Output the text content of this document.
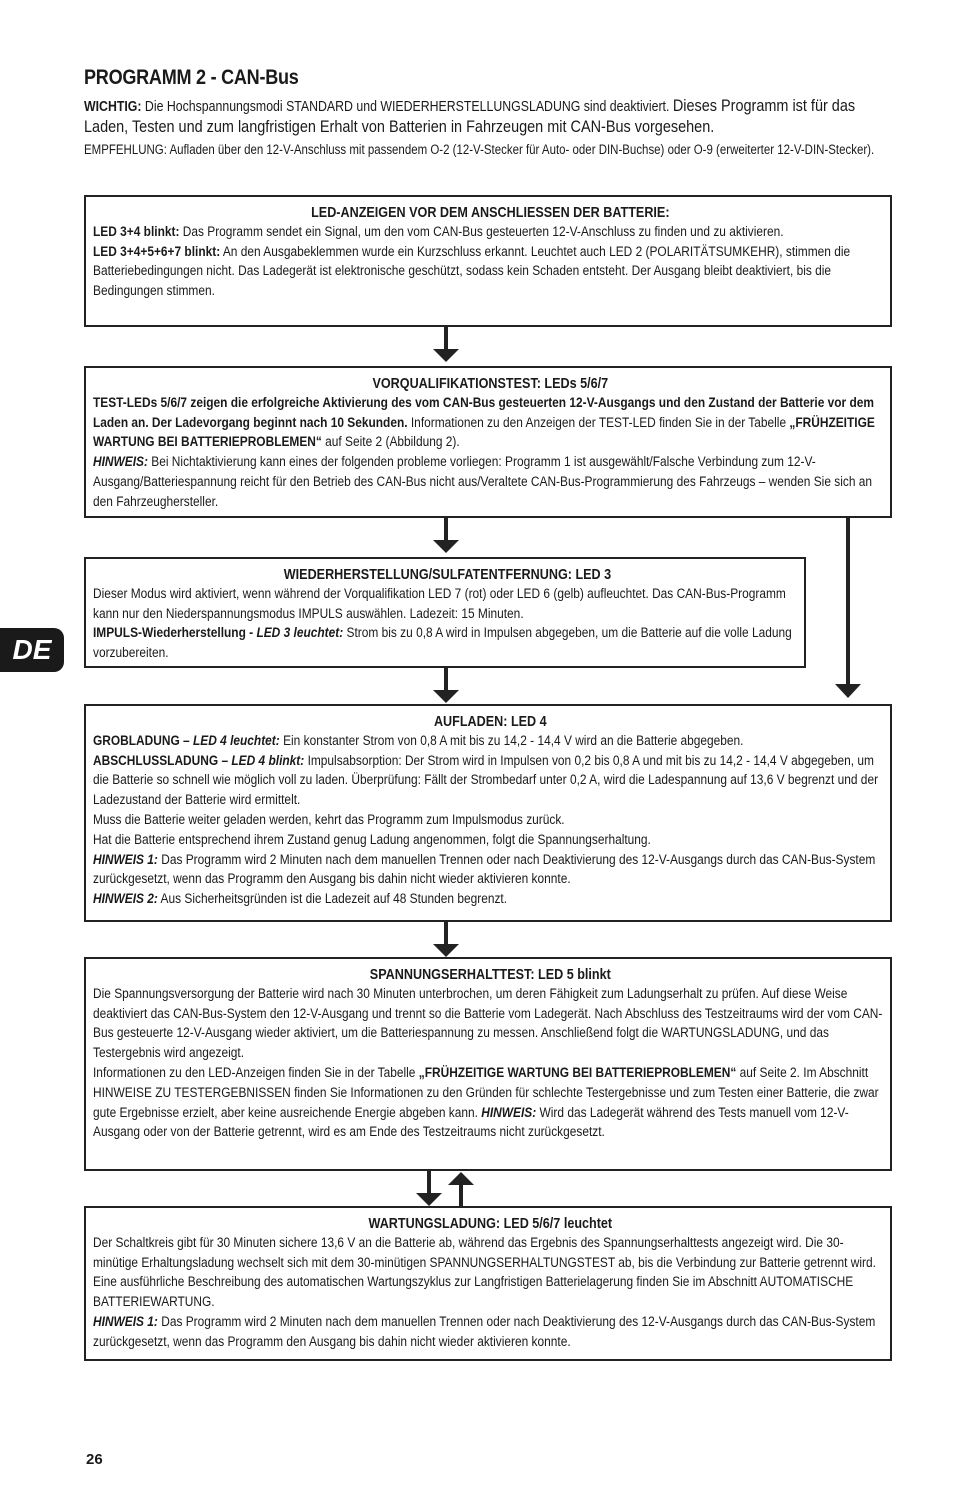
PROGRAMM 2 - CAN-Bus
WICHTIG: Die Hochspannungsmodi STANDARD und WIEDERHERSTELLUNGSLADUNG sind deaktiviert. Dieses Programm ist für das Laden, Testen und zum langfristigen Erhalt von Batterien in Fahrzeugen mit CAN-Bus vorgesehen.
EMPFEHLUNG: Aufladen über den 12-V-Anschluss mit passendem O-2 (12-V-Stecker für Auto- oder DIN-Buchse) oder O-9 (erweiterter 12-V-DIN-Stecker).
LED-ANZEIGEN VOR DEM ANSCHLIESSEN DER BATTERIE:

LED 3+4 blinkt: Das Programm sendet ein Signal, um den vom CAN-Bus gesteuerten 12-V-Anschluss zu finden und zu aktivieren.

LED 3+4+5+6+7 blinkt: An den Ausgabeklemmen wurde ein Kurzschluss erkannt. Leuchtet auch LED 2 (POLARITÄTSUMKEHR), stimmen die Batteriebedingungen nicht. Das Ladegerät ist elektronische geschützt, sodass kein Schaden entsteht. Der Ausgang bleibt deaktiviert, bis die Bedingungen stimmen.

VORQUALIFIKATIONSTEST: LEDs 5/6/7

TEST-LEDs 5/6/7 zeigen die erfolgreiche Aktivierung des vom CAN-Bus gesteuerten 12-V-Ausgangs und den Zustand der Batterie vor dem Laden an. Der Ladevorgang beginnt nach 10 Sekunden. Informationen zu den Anzeigen der TEST-LED finden Sie in der Tabelle „FRÜHZEITIGE WARTUNG BEI BATTERIEPROBLEMEN“ auf Seite 2 (Abbildung 2).

HINWEIS: Bei Nichtaktivierung kann eines der folgenden probleme vorliegen: Programm 1 ist ausgewählt/Falsche Verbindung zum 12-V-Ausgang/Batteriespannung reicht für den Betrieb des CAN-Bus nicht aus/Veraltete CAN-Bus-Programmierung des Fahrzeugs – wenden Sie sich an den Fahrzeughersteller.

WIEDERHERSTELLUNG/SULFATENTFERNUNG: LED 3

Dieser Modus wird aktiviert, wenn während der Vorqualifikation LED 7 (rot) oder LED 6 (gelb) aufleuchtet. Das CAN-Bus-Programm kann nur den Niederspannungsmodus IMPULS auswählen. Ladezeit: 15 Minuten.

IMPULS-Wiederherstellung - LED 3 leuchtet: Strom bis zu 0,8 A wird in Impulsen abgegeben, um die Batterie auf die volle Ladung vorzubereiten.

AUFLADEN: LED 4

GROBLADUNG – LED 4 leuchtet: Ein konstanter Strom von 0,8 A mit bis zu 14,2 - 14,4 V wird an die Batterie abgegeben.

ABSCHLUSSLADUNG – LED 4 blinkt: Impulsabsorption: Der Strom wird in Impulsen von 0,2 bis 0,8 A und mit bis zu 14,2 - 14,4 V abgegeben, um die Batterie so schnell wie möglich voll zu laden. Überprüfung: Fällt der Strombedarf unter 0,2 A, wird die Ladespannung auf 13,6 V begrenzt und der Ladezustand der Batterie wird ermittelt.

Muss die Batterie weiter geladen werden, kehrt das Programm zum Impulsmodus zurück.

Hat die Batterie entsprechend ihrem Zustand genug Ladung angenommen, folgt die Spannungserhaltung.

HINWEIS 1: Das Programm wird 2 Minuten nach dem manuellen Trennen oder nach Deaktivierung des 12-V-Ausgangs durch das CAN-Bus-System zurückgesetzt, wenn das Programm den Ausgang bis dahin nicht wieder aktivieren konnte.

HINWEIS 2: Aus Sicherheitsgründen ist die Ladezeit auf 48 Stunden begrenzt.

SPANNUNGSERHALTTEST: LED 5 blinkt

Die Spannungsversorgung der Batterie wird nach 30 Minuten unterbrochen, um deren Fähigkeit zum Ladungserhalt zu prüfen. Auf diese Weise deaktiviert das CAN-Bus-System den 12-V-Ausgang und trennt so die Batterie vom Ladegerät. Nach Abschluss des Testzeitraums wird der vom CAN-Bus gesteuerte 12-V-Ausgang wieder aktiviert, um die Batteriespannung zu messen. Anschließend folgt die WARTUNGSLADUNG, und das Testergebnis wird angezeigt.

Informationen zu den LED-Anzeigen finden Sie in der Tabelle „FRÜHZEITIGE WARTUNG BEI BATTERIEPROBLEMEN“ auf Seite 2. Im Abschnitt HINWEISE ZU TESTERGEBNISSEN finden Sie Informationen zu den Gründen für schlechte Testergebnisse und zum Testen einer Batterie, die zwar gute Ergebnisse erzielt, aber keine ausreichende Energie abgeben kann. HINWEIS: Wird das Ladegerät während des Tests manuell vom 12-V-Ausgang oder von der Batterie getrennt, wird es am Ende des Testzeitraums nicht zurückgesetzt.

WARTUNGSLADUNG: LED 5/6/7 leuchtet

Der Schaltkreis gibt für 30 Minuten sichere 13,6 V an die Batterie ab, während das Ergebnis des Spannungserhalttests angezeigt wird. Die 30-minütige Erhaltungsladung wechselt sich mit dem 30-minütigen SPANNUNGSERHALTUNGSTEST ab, bis die Verbindung zur Batterie getrennt wird. Eine ausführliche Beschreibung des automatischen Wartungszyklus zur Langfristigen Batterielagerung finden Sie im Abschnitt AUTOMATISCHE BATTERIEWARTUNG.

HINWEIS 1: Das Programm wird 2 Minuten nach dem manuellen Trennen oder nach Deaktivierung des 12-V-Ausgangs durch das CAN-Bus-System zurückgesetzt, wenn das Programm den Ausgang bis dahin nicht wieder aktivieren konnte.

DE
26
